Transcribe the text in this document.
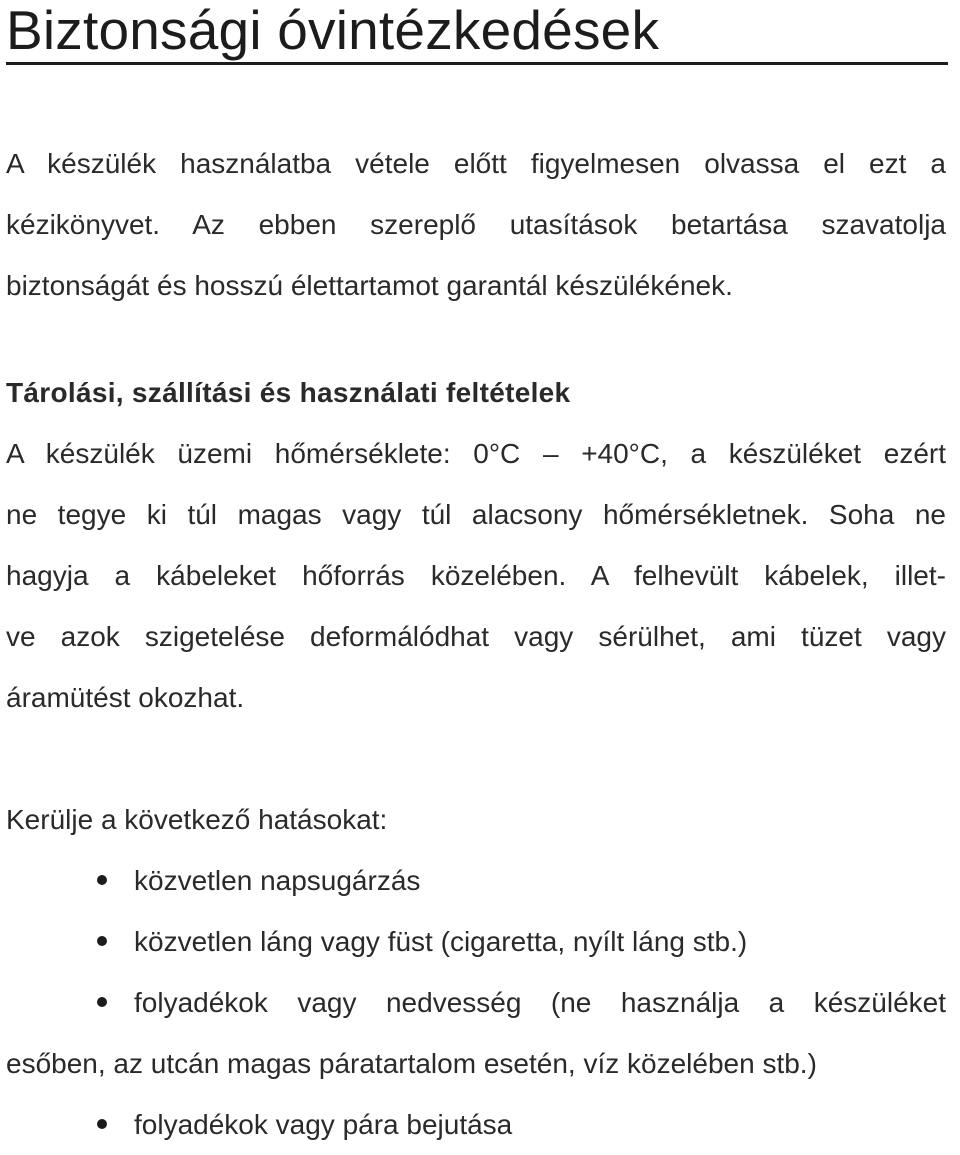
Biztonsági óvintézkedések

A készülék használatba vétele előtt figyelmesen olvassa el ezt a
kézikönyvet. Az ebben szereplő utasítások betartása szavatolja
biztonságát és hosszú élettartamot garantál készülékének.

Tárolási, szállítási és használati feltételek

A készülék üzemi hőmérséklete: 0°C – +40°C, a készüléket ezért
ne tegye ki túl magas vagy túl alacsony hőmérsékletnek. Soha ne
hagyja a kábeleket hőforrás közelében. A felhevült kábelek, illet-
ve azok szigetelése deformálódhat vagy sérülhet, ami tüzet vagy
áramütést okozhat.

Kerülje a következő hatásokat:

közvetlen napsugárzás
közvetlen láng vagy füst (cigaretta, nyílt láng stb.)
folyadékok vagy nedvesség (ne használja a készüléket
esőben, az utcán magas páratartalom esetén, víz közelében stb.)
folyadékok vagy pára bejutása
